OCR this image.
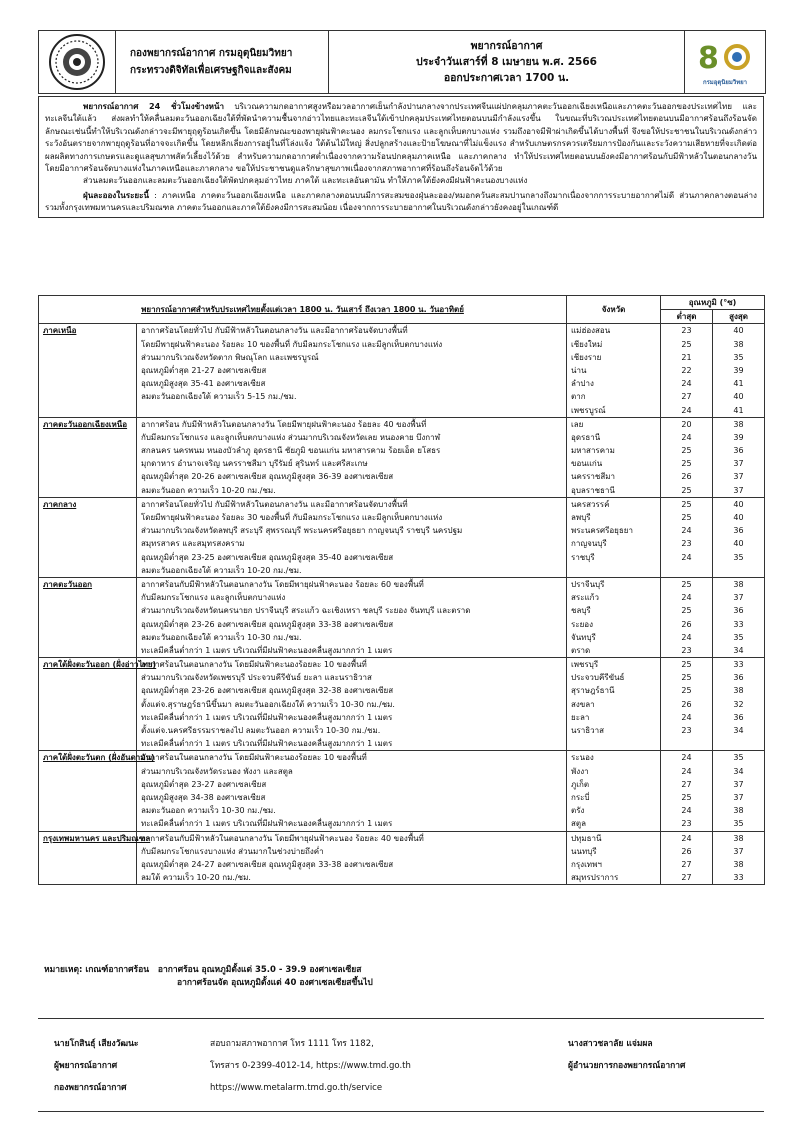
กองพยากรณ์อากาศ กรมอุตุนิยมวิทยา
กระทรวงดิจิทัลเพื่อเศรษฐกิจและสังคม
พยากรณ์อากาศ
ประจำวันเสาร์ที่ 8 เมษายน พ.ศ. 2566
ออกประกาศเวลา 1700 น.
8
กรมอุตุนิยมวิทยา

พยากรณ์อากาศ 24 ชั่วโมงข้างหน้า บริเวณความกดอากาศสูงหรือมวลอากาศเย็นกำลังปานกลางจากประเทศจีนแผ่ปกคลุมภาคตะวันออกเฉียงเหนือและภาคตะวันออกของประเทศไทย และทะเลจีนใต้แล้ว ส่งผลทำให้คลื่นลมตะวันออกเฉียงใต้ที่พัดนำความชื้นจากอ่าวไทยและทะเลจีนใต้เข้าปกคลุมประเทศไทยตอนบนมีกำลังแรงขึ้น ในขณะที่บริเวณประเทศไทยตอนบนมีอากาศร้อนถึงร้อนจัด ลักษณะเช่นนี้ทำให้บริเวณดังกล่าวจะมีพายุฤดูร้อนเกิดขึ้น โดยมีลักษณะของพายุฝนฟ้าคะนอง ลมกระโชกแรง และลูกเห็บตกบางแห่ง รวมถึงอาจมีฟ้าผ่าเกิดขึ้นได้บางพื้นที่ จึงขอให้ประชาชนในบริเวณดังกล่าวระวังอันตรายจากพายุฤดูร้อนที่อาจจะเกิดขึ้น โดยหลีกเลี่ยงการอยู่ในที่โล่งแจ้ง ใต้ต้นไม้ใหญ่ สิ่งปลูกสร้างและป้ายโฆษณาที่ไม่แข็งแรง สำหรับเกษตรกรควรเตรียมการป้องกันและระวังความเสียหายที่จะเกิดต่อผลผลิตทางการเกษตรและดูแลสุขภาพสัตว์เลี้ยงไว้ด้วย สำหรับความกดอากาศต่ำเนื่องจากความร้อนปกคลุมภาคเหนือ และภาคกลาง ทำให้ประเทศไทยตอนบนยังคงมีอากาศร้อนกับมีฟ้าหลัวในตอนกลางวัน โดยมีอากาศร้อนจัดบางแห่งในภาคเหนือและภาคกลาง ขอให้ประชาชนดูแลรักษาสุขภาพเนื่องจากสภาพอากาศที่ร้อนถึงร้อนจัดไว้ด้วย

ส่วนลมตะวันออกและลมตะวันออกเฉียงใต้พัดปกคลุมอ่าวไทย ภาคใต้ และทะเลอันดามัน ทำให้ภาคใต้ยังคงมีฝนฟ้าคะนองบางแห่ง

ฝุ่นละอองในระยะนี้ : ภาคเหนือ ภาคตะวันออกเฉียงเหนือ และภาคกลางตอนบนมีการสะสมของฝุ่นละออง/หมอกควันสะสมปานกลางถึงมากเนื่องจากการระบายอากาศไม่ดี ส่วนภาคกลางตอนล่างรวมทั้งกรุงเทพมหานครและปริมณฑล ภาคตะวันออกและภาคใต้ยังคงมีการสะสมน้อย เนื่องจากการระบายอากาศในบริเวณดังกล่าวยังคงอยู่ในเกณฑ์ดี

พยากรณ์อากาศสำหรับประเทศไทยตั้งแต่เวลา 1800 น. วันเสาร์ ถึงเวลา 1800 น. วันอาทิตย์		จังหวัด	อุณหภูมิ (°ซ)	
			ต่ำสุด	สูงสุด
ภาคเหนือ	อากาศร้อนโดยทั่วไป กับมีฟ้าหลัวในตอนกลางวัน และมีอากาศร้อนจัดบางพื้นที่	แม่ฮ่องสอน	23	40
	โดยมีพายุฝนฟ้าคะนอง ร้อยละ 10 ของพื้นที่ กับมีลมกระโชกแรง และมีลูกเห็บตกบางแห่ง	เชียงใหม่	25	38
	ส่วนมากบริเวณจังหวัดตาก พิษณุโลก และเพชรบูรณ์	เชียงราย	21	35
	อุณหภูมิต่ำสุด 21-27 องศาเซลเซียส	น่าน	22	39
	อุณหภูมิสูงสุด 35-41 องศาเซลเซียส	ลำปาง	24	41
	ลมตะวันออกเฉียงใต้ ความเร็ว 5-15 กม./ชม.	ตาก	27	40
		เพชรบูรณ์	24	41
ภาคตะวันออกเฉียงเหนือ	อากาศร้อน กับมีฟ้าหลัวในตอนกลางวัน โดยมีพายุฝนฟ้าคะนอง ร้อยละ 40 ของพื้นที่	เลย	20	38
	กับมีลมกระโชกแรง และลูกเห็บตกบางแห่ง ส่วนมากบริเวณจังหวัดเลย หนองคาย บึงกาฬ	อุดรธานี	24	39
	สกลนคร นครพนม หนองบัวลำภู อุดรธานี ชัยภูมิ ขอนแก่น มหาสารคาม ร้อยเอ็ด ยโสธร	มหาสารคาม	25	36
	มุกดาหาร อำนาจเจริญ นครราชสีมา บุรีรัมย์ สุรินทร์ และศรีสะเกษ	ขอนแก่น	25	37
	อุณหภูมิต่ำสุด 20-26 องศาเซลเซียส อุณหภูมิสูงสุด 36-39 องศาเซลเซียส	นครราชสีมา	26	37
	ลมตะวันออก ความเร็ว 10-20 กม./ชม.	อุบลราชธานี	25	37
ภาคกลาง	อากาศร้อนโดยทั่วไป กับมีฟ้าหลัวในตอนกลางวัน และมีอากาศร้อนจัดบางพื้นที่	นครสวรรค์	25	40
	โดยมีพายุฝนฟ้าคะนอง ร้อยละ 30 ของพื้นที่ กับมีลมกระโชกแรง และมีลูกเห็บตกบางแห่ง	ลพบุรี	25	40
	ส่วนมากบริเวณจังหวัดลพบุรี สระบุรี สุพรรณบุรี พระนครศรีอยุธยา กาญจนบุรี ราชบุรี นครปฐม	พระนครศรีอยุธยา	24	36
	สมุทรสาคร และสมุทรสงคราม	กาญจนบุรี	23	40
	อุณหภูมิต่ำสุด 23-25 องศาเซลเซียส อุณหภูมิสูงสุด 35-40 องศาเซลเซียส	ราชบุรี	24	35
	ลมตะวันออกเฉียงใต้ ความเร็ว 10-20 กม./ชม.			
ภาคตะวันออก	อากาศร้อนกับมีฟ้าหลัวในตอนกลางวัน โดยมีพายุฝนฟ้าคะนอง ร้อยละ 60 ของพื้นที่	ปราจีนบุรี	25	38
	กับมีลมกระโชกแรง และลูกเห็บตกบางแห่ง	สระแก้ว	24	37
	ส่วนมากบริเวณจังหวัดนครนายก ปราจีนบุรี สระแก้ว ฉะเชิงเทรา ชลบุรี ระยอง จันทบุรี และตราด	ชลบุรี	25	36
	อุณหภูมิต่ำสุด 23-26 องศาเซลเซียส อุณหภูมิสูงสุด 33-38 องศาเซลเซียส	ระยอง	26	33
	ลมตะวันออกเฉียงใต้ ความเร็ว 10-30 กม./ชม.	จันทบุรี	24	35
	ทะเลมีคลื่นต่ำกว่า 1 เมตร บริเวณที่มีฝนฟ้าคะนองคลื่นสูงมากกว่า 1 เมตร	ตราด	23	34
ภาคใต้ฝั่งตะวันออก (ฝั่งอ่าวไทย)	อากาศร้อนในตอนกลางวัน โดยมีฝนฟ้าคะนองร้อยละ 10 ของพื้นที่	เพชรบุรี	25	33
	ส่วนมากบริเวณจังหวัดเพชรบุรี ประจวบคีรีขันธ์ ยะลา และนราธิวาส	ประจวบคีรีขันธ์	25	36
	อุณหภูมิต่ำสุด 23-26 องศาเซลเซียส อุณหภูมิสูงสุด 32-38 องศาเซลเซียส	สุราษฎร์ธานี	25	38
	ตั้งแต่จ.สุราษฎร์ธานีขึ้นมา ลมตะวันออกเฉียงใต้ ความเร็ว 10-30 กม./ชม.	สงขลา	26	32
	ทะเลมีคลื่นต่ำกว่า 1 เมตร บริเวณที่มีฝนฟ้าคะนองคลื่นสูงมากกว่า 1 เมตร	ยะลา	24	36
	ตั้งแต่จ.นครศรีธรรมราชลงไป ลมตะวันออก ความเร็ว 10-30 กม./ชม.	นราธิวาส	23	34
	ทะเลมีคลื่นต่ำกว่า 1 เมตร บริเวณที่มีฝนฟ้าคะนองคลื่นสูงมากกว่า 1 เมตร			
ภาคใต้ฝั่งตะวันตก (ฝั่งอันดามัน)	อากาศร้อนในตอนกลางวัน โดยมีฝนฟ้าคะนองร้อยละ 10 ของพื้นที่	ระนอง	24	35
	ส่วนมากบริเวณจังหวัดระนอง พังงา และสตูล	พังงา	24	34
	อุณหภูมิต่ำสุด 23-27 องศาเซลเซียส	ภูเก็ต	27	37
	อุณหภูมิสูงสุด 34-38 องศาเซลเซียส	กระบี่	25	37
	ลมตะวันออก ความเร็ว 10-30 กม./ชม.	ตรัง	24	38
	ทะเลมีคลื่นต่ำกว่า 1 เมตร บริเวณที่มีฝนฟ้าคะนองคลื่นสูงมากกว่า 1 เมตร	สตูล	23	35
กรุงเทพมหานคร และปริมณฑล	อากาศร้อนกับมีฟ้าหลัวในตอนกลางวัน โดยมีพายุฝนฟ้าคะนอง ร้อยละ 40 ของพื้นที่	ปทุมธานี	24	38
	กับมีลมกระโชกแรงบางแห่ง ส่วนมากในช่วงบ่ายถึงค่ำ	นนทบุรี	26	37
	อุณหภูมิต่ำสุด 24-27 องศาเซลเซียส อุณหภูมิสูงสุด 33-38 องศาเซลเซียส	กรุงเทพฯ	27	38
	ลมใต้ ความเร็ว 10-20 กม./ชม.	สมุทรปราการ	27	33
หมายเหตุ: เกณฑ์อากาศร้อน อากาศร้อน อุณหภูมิตั้งแต่ 35.0 - 39.9 องศาเซลเซียส
อากาศร้อนจัด อุณหภูมิตั้งแต่ 40 องศาเซลเซียสขึ้นไป
นายโกสินธุ์ เสียงวัฒนะ
ผู้พยากรณ์อากาศ
กองพยากรณ์อากาศ
สอบถามสภาพอากาศ โทร 1111 โทร 1182,
โทรสาร 0-2399-4012-14, https://www.tmd.go.th
https://www.metalarm.tmd.go.th/service
นางสาวชลาลัย แจ่มผล
ผู้อำนวยการกองพยากรณ์อากาศ
